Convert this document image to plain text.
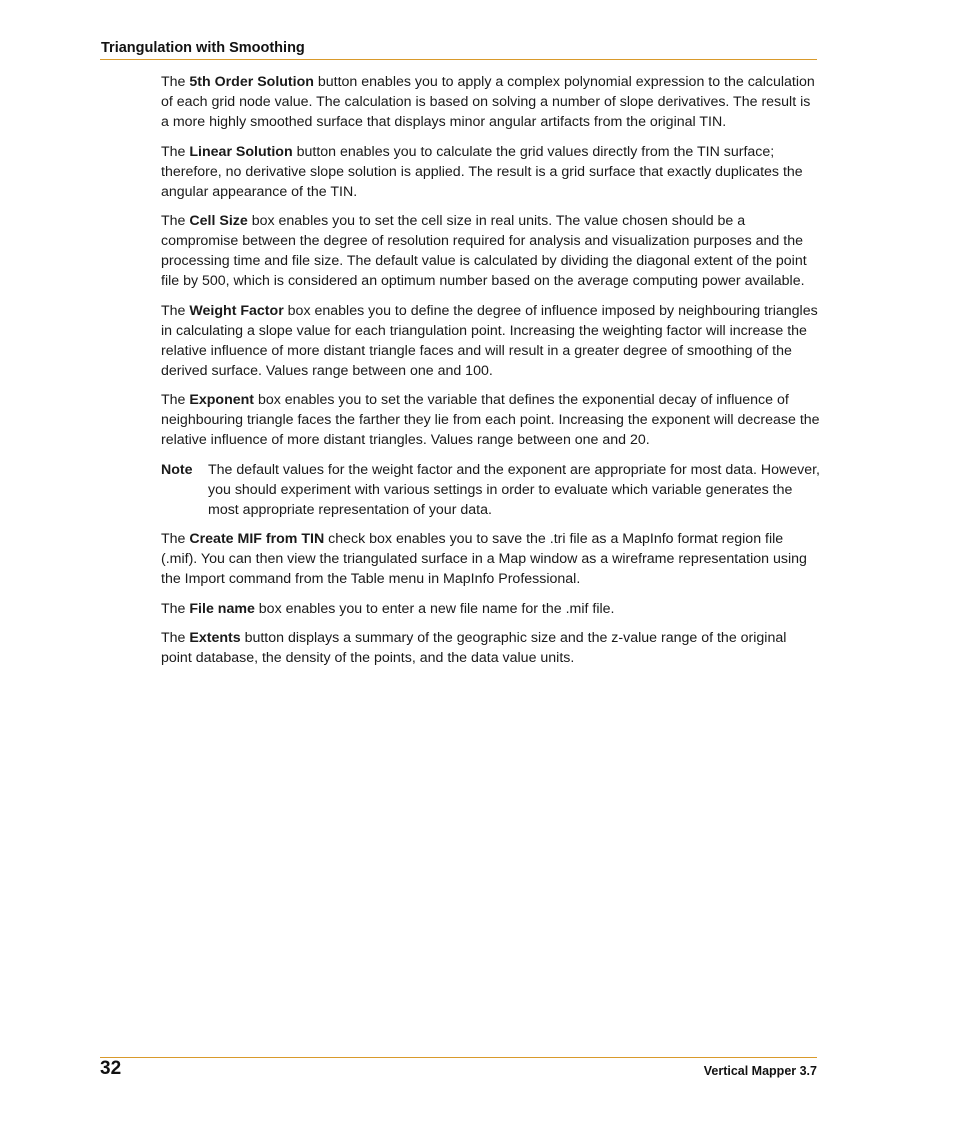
Triangulation with Smoothing

The 5th Order Solution button enables you to apply a complex polynomial expression to the calculation of each grid node value. The calculation is based on solving a number of slope derivatives. The result is a more highly smoothed surface that displays minor angular artifacts from the original TIN.

The Linear Solution button enables you to calculate the grid values directly from the TIN surface; therefore, no derivative slope solution is applied. The result is a grid surface that exactly duplicates the angular appearance of the TIN.

The Cell Size box enables you to set the cell size in real units. The value chosen should be a compromise between the degree of resolution required for analysis and visualization purposes and the processing time and file size. The default value is calculated by dividing the diagonal extent of the point file by 500, which is considered an optimum number based on the average computing power available.

The Weight Factor box enables you to define the degree of influence imposed by neighbouring triangles in calculating a slope value for each triangulation point. Increasing the weighting factor will increase the relative influence of more distant triangle faces and will result in a greater degree of smoothing of the derived surface. Values range between one and 100.

The Exponent box enables you to set the variable that defines the exponential decay of influence of neighbouring triangle faces the farther they lie from each point. Increasing the exponent will decrease the relative influence of more distant triangles. Values range between one and 20.

Note	The default values for the weight factor and the exponent are appropriate for most data. However, you should experiment with various settings in order to evaluate which variable generates the most appropriate representation of your data.

The Create MIF from TIN check box enables you to save the .tri file as a MapInfo format region file (.mif). You can then view the triangulated surface in a Map window as a wireframe representation using the Import command from the Table menu in MapInfo Professional.

The File name box enables you to enter a new file name for the .mif file.

The Extents button displays a summary of the geographic size and the z-value range of the original point database, the density of the points, and the data value units.

32	Vertical Mapper 3.7
